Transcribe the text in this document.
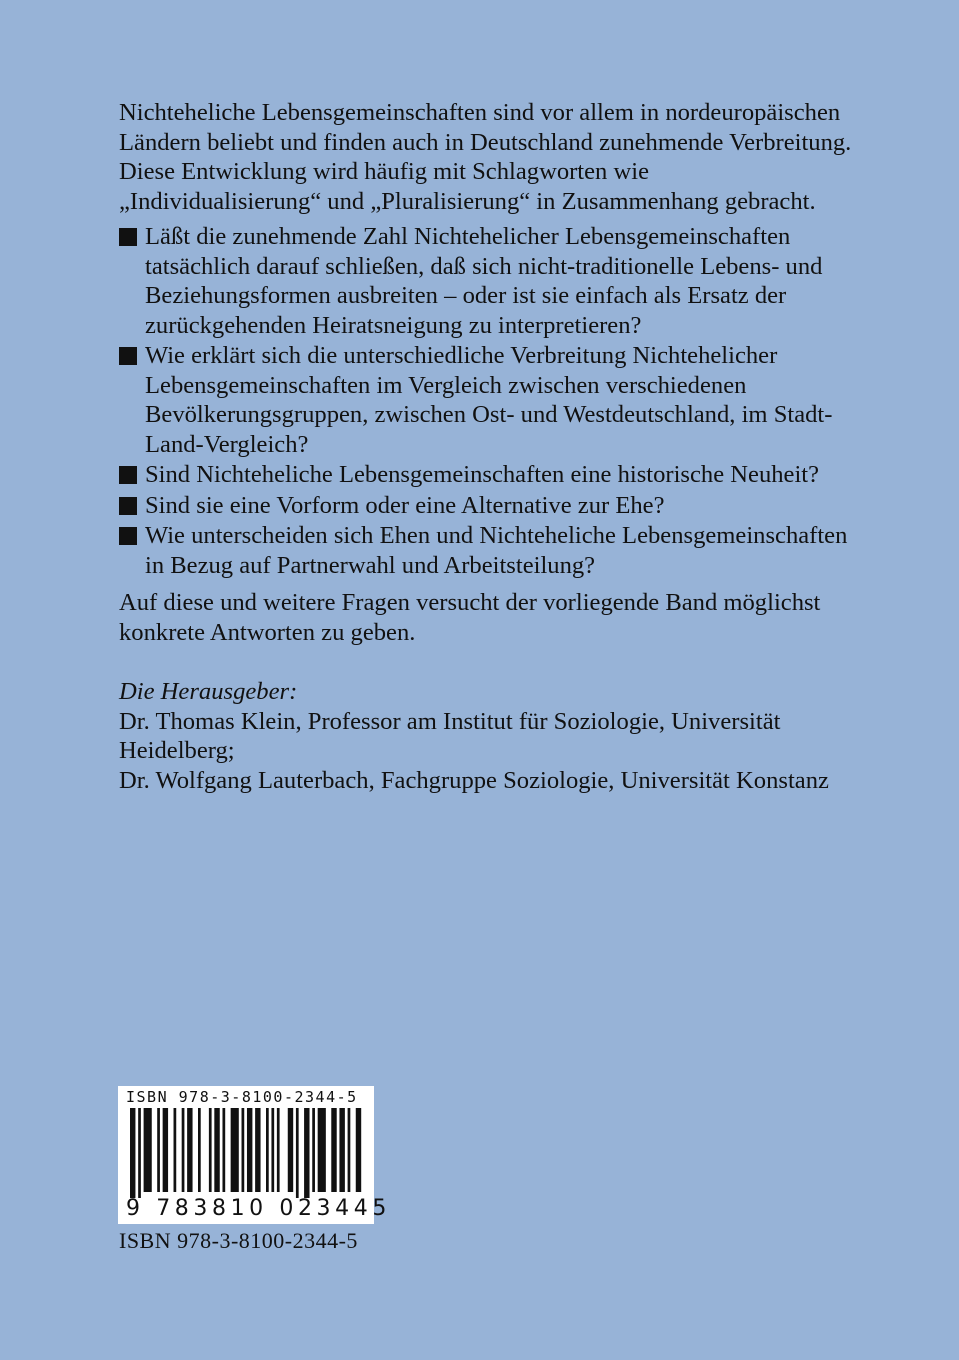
Nichteheliche Lebensgemeinschaften sind vor allem in nordeuropäischen Ländern beliebt und finden auch in Deutschland zunehmende Verbreitung. Diese Entwicklung wird häufig mit Schlagworten wie „Individualisierung“ und „Pluralisierung“ in Zusammenhang gebracht.

Läßt die zunehmende Zahl Nichtehelicher Lebensgemeinschaften tatsächlich darauf schließen, daß sich nicht-traditionelle Lebens- und Beziehungsformen ausbreiten – oder ist sie einfach als Ersatz der zurückgehenden Heiratsneigung zu interpretieren?
Wie erklärt sich die unterschiedliche Verbreitung Nichtehelicher Lebensgemeinschaften im Vergleich zwischen verschiedenen Bevölkerungsgruppen, zwischen Ost- und Westdeutschland, im Stadt-Land-Vergleich?
Sind Nichteheliche Lebensgemeinschaften eine historische Neuheit?
Sind sie eine Vorform oder eine Alternative zur Ehe?
Wie unterscheiden sich Ehen und Nichteheliche Lebensgemeinschaften in Bezug auf Partnerwahl und Arbeitsteilung?

Auf diese und weitere Fragen versucht der vorliegende Band möglichst konkrete Antworten zu geben.

Die Herausgeber:

Dr. Thomas Klein, Professor am Institut für Soziologie, Universität Heidelberg;

Dr. Wolfgang Lauterbach, Fachgruppe Soziologie, Universität Konstanz

ISBN 978-3-8100-2344-5
9 783810 023445
ISBN 978-3-8100-2344-5
